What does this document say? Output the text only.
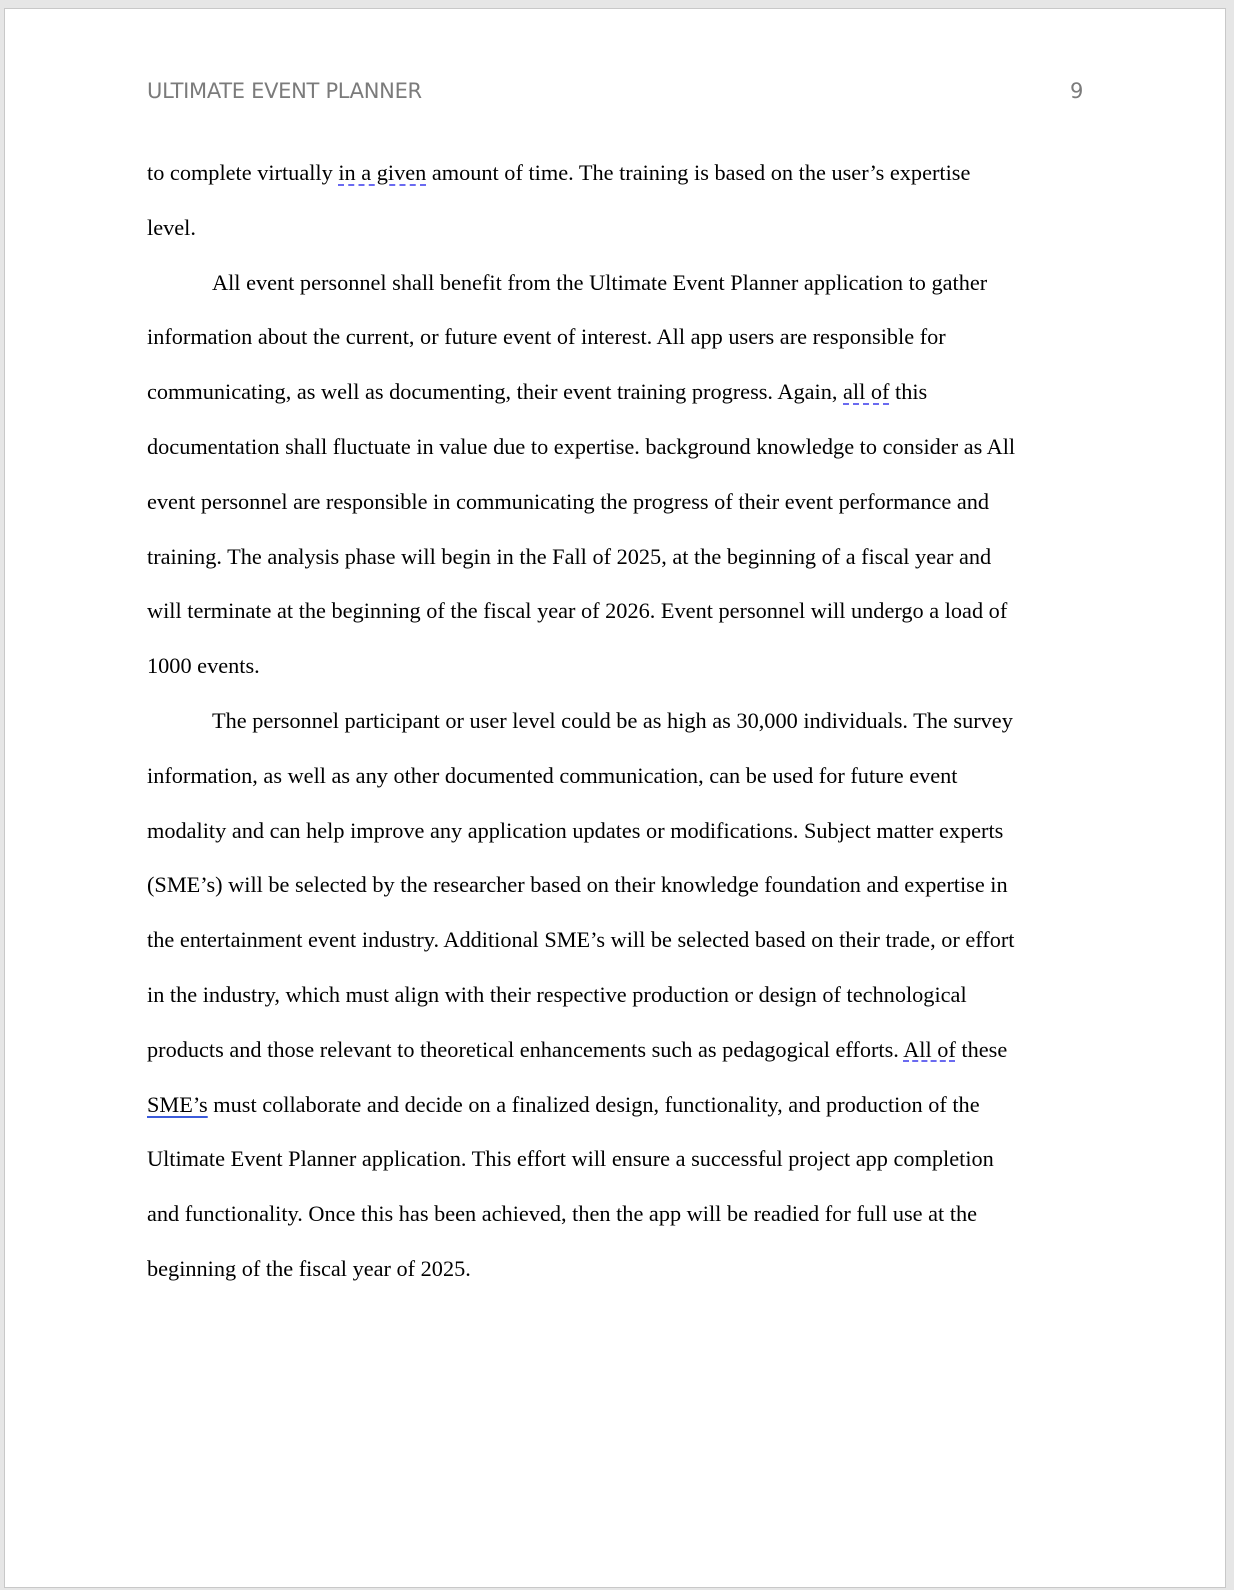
ULTIMATE EVENT PLANNER	9
to complete virtually in a given amount of time. The training is based on the user’s expertise
level.
All event personnel shall benefit from the Ultimate Event Planner application to gather
information about the current, or future event of interest. All app users are responsible for
communicating, as well as documenting, their event training progress. Again, all of this
documentation shall fluctuate in value due to expertise. background knowledge to consider as All
event personnel are responsible in communicating the progress of their event performance and
training. The analysis phase will begin in the Fall of 2025, at the beginning of a fiscal year and
will terminate at the beginning of the fiscal year of 2026. Event personnel will undergo a load of
1000 events.
The personnel participant or user level could be as high as 30,000 individuals. The survey
information, as well as any other documented communication, can be used for future event
modality and can help improve any application updates or modifications. Subject matter experts
(SME’s) will be selected by the researcher based on their knowledge foundation and expertise in
the entertainment event industry. Additional SME’s will be selected based on their trade, or effort
in the industry, which must align with their respective production or design of technological
products and those relevant to theoretical enhancements such as pedagogical efforts. All of these
SME’s must collaborate and decide on a finalized design, functionality, and production of the
Ultimate Event Planner application. This effort will ensure a successful project app completion
and functionality. Once this has been achieved, then the app will be readied for full use at the
beginning of the fiscal year of 2025.
